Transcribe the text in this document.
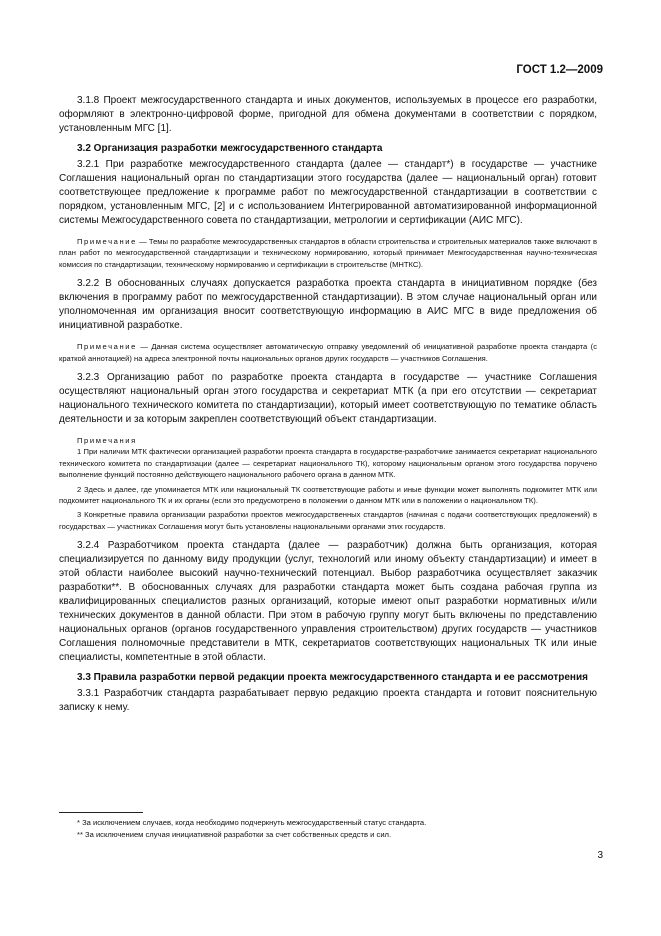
ГОСТ 1.2—2009

3.1.8 Проект межгосударственного стандарта и иных документов, используемых в процессе его разработки, оформляют в электронно-цифровой форме, пригодной для обмена документами в соответствии с порядком, установленным МГС [1].

3.2 Организация разработки межгосударственного стандарта

3.2.1 При разработке межгосударственного стандарта (далее — стандарт*) в государстве — участнике Соглашения национальный орган по стандартизации этого государства (далее — национальный орган) готовит соответствующее предложение к программе работ по межгосударственной стандартизации в соответствии с порядком, установленным МГС, [2] и с использованием Интегрированной автоматизированной информационной системы Межгосударственного совета по стандартизации, метрологии и сертификации (АИС МГС).

Примечание — Темы по разработке межгосударственных стандартов в области строительства и строительных материалов также включают в план работ по межгосударственной стандартизации и техническому нормированию, который принимает Межгосударственная научно-техническая комиссия по стандартизации, техническому нормированию и сертификации в строительстве (МНТКС).

3.2.2 В обоснованных случаях допускается разработка проекта стандарта в инициативном порядке (без включения в программу работ по межгосударственной стандартизации). В этом случае национальный орган или уполномоченная им организация вносит соответствующую информацию в АИС МГС в виде предложения об инициативной разработке.

Примечание — Данная система осуществляет автоматическую отправку уведомлений об инициативной разработке проекта стандарта (с краткой аннотацией) на адреса электронной почты национальных органов других государств — участников Соглашения.

3.2.3 Организацию работ по разработке проекта стандарта в государстве — участнике Соглашения осуществляют национальный орган этого государства и секретариат МТК (а при его отсутствии — секретариат национального технического комитета по стандартизации), который имеет соответствующую по тематике область деятельности и за которым закреплен соответствующий объект стандартизации.

Примечания

1 При наличии МТК фактически организацией разработки проекта стандарта в государстве-разработчике занимается секретариат национального технического комитета по стандартизации (далее — секретариат национального ТК), которому национальным органом этого государства поручено выполнение функций постоянно действующего национального рабочего органа в данном МТК.

2 Здесь и далее, где упоминается МТК или национальный ТК соответствующие работы и иные функции может выполнять подкомитет МТК или подкомитет национального ТК и их органы (если это предусмотрено в положении о данном МТК или в положении о национальном ТК).

3 Конкретные правила организации разработки проектов межгосударственных стандартов (начиная с подачи соответствующих предложений) в государствах — участниках Соглашения могут быть установлены национальными органами этих государств.

3.2.4 Разработчиком проекта стандарта (далее — разработчик) должна быть организация, которая специализируется по данному виду продукции (услуг, технологий или иному объекту стандартизации) и имеет в этой области наиболее высокий научно-технический потенциал. Выбор разработчика осуществляет заказчик разработки**. В обоснованных случаях для разработки стандарта может быть создана рабочая группа из квалифицированных специалистов разных организаций, которые имеют опыт разработки нормативных и/или технических документов в данной области. При этом в рабочую группу могут быть включены по представлению национальных органов (органов государственного управления строительством) других государств — участников Соглашения полномочные представители в МТК, секретариатов соответствующих национальных ТК или иные специалисты, компетентные в этой области.

3.3 Правила разработки первой редакции проекта межгосударственного стандарта и ее рассмотрения

3.3.1 Разработчик стандарта разрабатывает первую редакцию проекта стандарта и готовит пояснительную записку к нему.

* За исключением случаев, когда необходимо подчеркнуть межгосударственный статус стандарта.

** За исключением случая инициативной разработки за счет собственных средств и сил.

3
